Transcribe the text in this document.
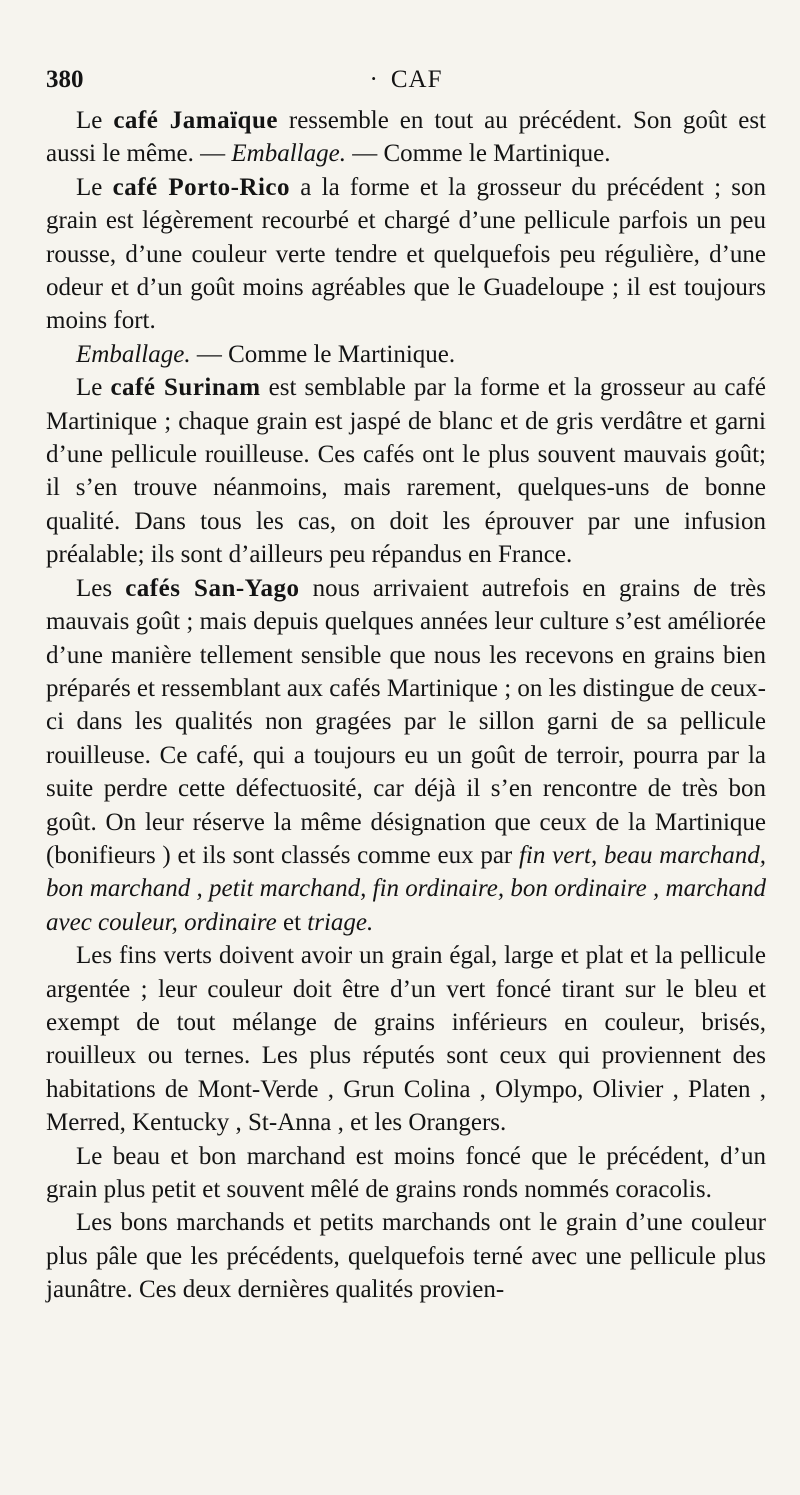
380	· CAF

Le café Jamaïque ressemble en tout au précédent. Son goût est aussi le même. — Emballage. — Comme le Martinique.

Le café Porto-Rico a la forme et la grosseur du précédent ; son grain est légèrement recourbé et chargé d’une pellicule parfois un peu rousse, d’une couleur verte tendre et quelquefois peu régulière, d’une odeur et d’un goût moins agréables que le Guadeloupe ; il est toujours moins fort.

Emballage. — Comme le Martinique.

Le café Surinam est semblable par la forme et la grosseur au café Martinique ; chaque grain est jaspé de blanc et de gris verdâtre et garni d’une pellicule rouilleuse. Ces cafés ont le plus souvent mauvais goût; il s’en trouve néanmoins, mais rarement, quelques-uns de bonne qualité. Dans tous les cas, on doit les éprouver par une infusion préalable; ils sont d’ailleurs peu répandus en France.

Les cafés San-Yago nous arrivaient autrefois en grains de très mauvais goût ; mais depuis quelques années leur culture s’est améliorée d’une manière tellement sensible que nous les recevons en grains bien préparés et ressemblant aux cafés Martinique ; on les distingue de ceux-ci dans les qualités non gragées par le sillon garni de sa pellicule rouilleuse. Ce café, qui a toujours eu un goût de terroir, pourra par la suite perdre cette défectuosité, car déjà il s’en rencontre de très bon goût. On leur réserve la même désignation que ceux de la Martinique (bonifieurs ) et ils sont classés comme eux par fin vert, beau marchand, bon marchand , petit marchand, fin ordinaire, bon ordinaire , marchand avec couleur, ordinaire et triage.

Les fins verts doivent avoir un grain égal, large et plat et la pellicule argentée ; leur couleur doit être d’un vert foncé tirant sur le bleu et exempt de tout mélange de grains inférieurs en couleur, brisés, rouilleux ou ternes. Les plus réputés sont ceux qui proviennent des habitations de Mont-Verde , Grun Colina , Olympo, Olivier , Platen , Merred, Kentucky , St-Anna , et les Orangers.

Le beau et bon marchand est moins foncé que le précédent, d’un grain plus petit et souvent mêlé de grains ronds nommés coracolis.

Les bons marchands et petits marchands ont le grain d’une couleur plus pâle que les précédents, quelquefois terné avec une pellicule plus jaunâtre. Ces deux dernières qualités provien-
